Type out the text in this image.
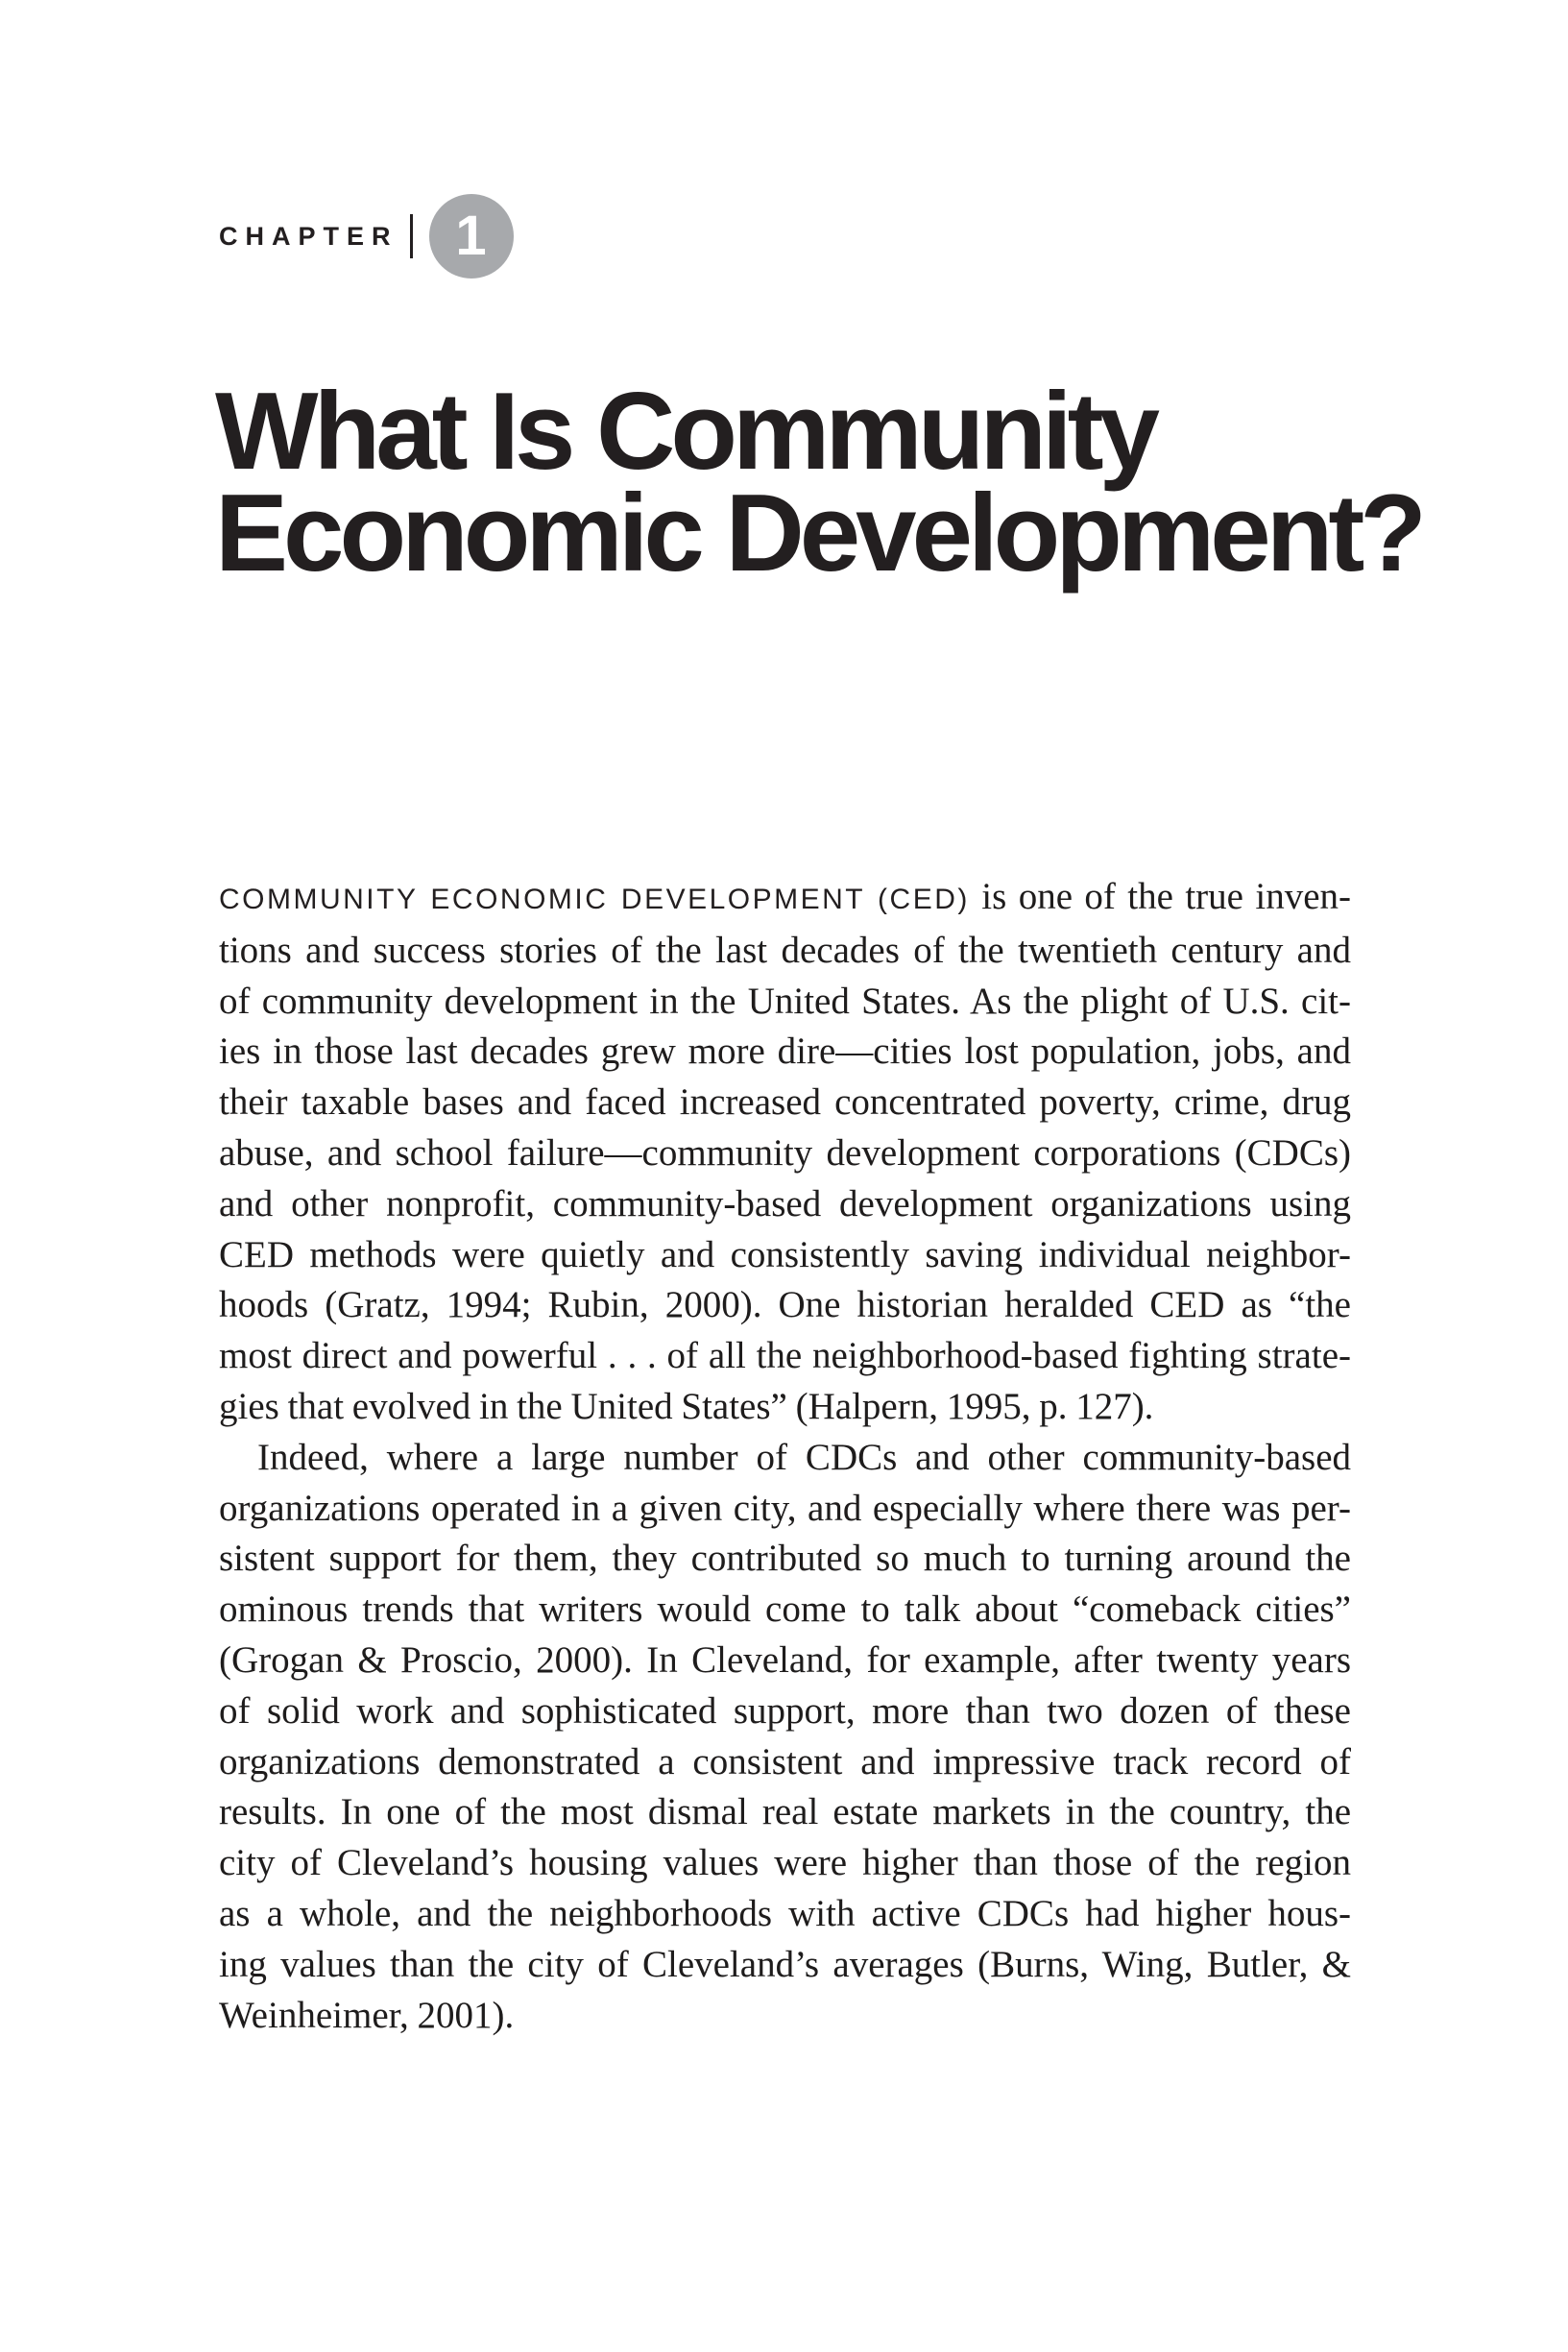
CHAPTER 1
What Is Community
Economic Development?
COMMUNITY ECONOMIC DEVELOPMENT (CED) is one of the true inven-
tions and success stories of the last decades of the twentieth century and
of community development in the United States. As the plight of U.S. cit-
ies in those last decades grew more dire—cities lost population, jobs, and
their taxable bases and faced increased concentrated poverty, crime, drug
abuse, and school failure—community development corporations (CDCs)
and other nonprofit, community-based development organizations using
CED methods were quietly and consistently saving individual neighbor-
hoods (Gratz, 1994; Rubin, 2000). One historian heralded CED as “the
most direct and powerful . . . of all the neighborhood-based fighting strate-
gies that evolved in the United States” (Halpern, 1995, p. 127).
Indeed, where a large number of CDCs and other community-based
organizations operated in a given city, and especially where there was per-
sistent support for them, they contributed so much to turning around the
ominous trends that writers would come to talk about “comeback cities”
(Grogan & Proscio, 2000). In Cleveland, for example, after twenty years
of solid work and sophisticated support, more than two dozen of these
organizations demonstrated a consistent and impressive track record of
results. In one of the most dismal real estate markets in the country, the
city of Cleveland’s housing values were higher than those of the region
as a whole, and the neighborhoods with active CDCs had higher hous-
ing values than the city of Cleveland’s averages (Burns, Wing, Butler, &
Weinheimer, 2001).
